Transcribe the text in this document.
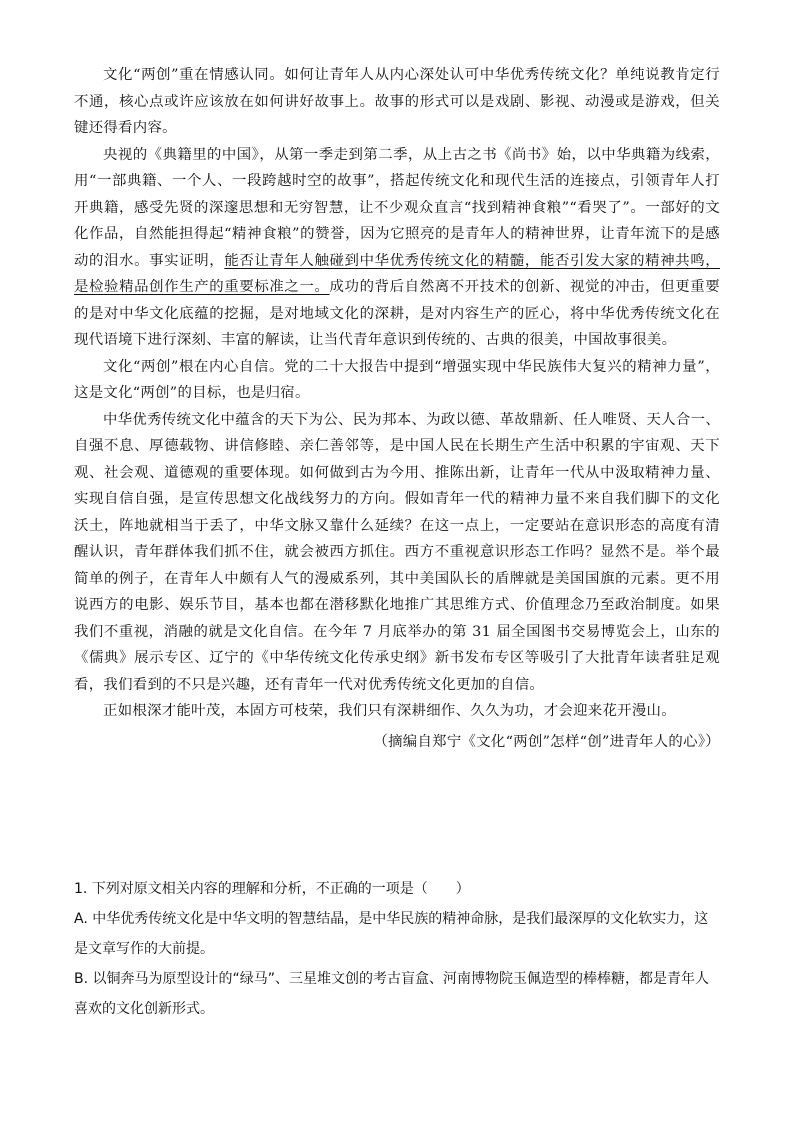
文化“两创”重在情感认同。如何让青年人从内心深处认可中华优秀传统文化？单纯说教肯定行不通，核心点或许应该放在如何讲好故事上。故事的形式可以是戏剧、影视、动漫或是游戏，但关键还得看内容。

央视的《典籍里的中国》，从第一季走到第二季，从上古之书《尚书》始，以中华典籍为线索，用“一部典籍、一个人、一段跨越时空的故事”，搭起传统文化和现代生活的连接点，引领青年人打开典籍，感受先贤的深邃思想和无穷智慧，让不少观众直言“找到精神食粮”“看哭了”。一部好的文化作品，自然能担得起“精神食粮”的赞誉，因为它照亮的是青年人的精神世界，让青年流下的是感动的泪水。事实证明，能否让青年人触碰到中华优秀传统文化的精髓，能否引发大家的精神共鸣，是检验精品创作生产的重要标准之一。成功的背后自然离不开技术的创新、视觉的冲击，但更重要的是对中华文化底蕴的挖掘，是对地域文化的深耕，是对内容生产的匠心，将中华优秀传统文化在现代语境下进行深刻、丰富的解读，让当代青年意识到传统的、古典的很美，中国故事很美。

文化“两创”根在内心自信。党的二十大报告中提到“增强实现中华民族伟大复兴的精神力量”，这是文化“两创”的目标，也是归宿。

中华优秀传统文化中蕴含的天下为公、民为邦本、为政以德、革故鼎新、任人唯贤、天人合一、自强不息、厚德载物、讲信修睦、亲仁善邻等，是中国人民在长期生产生活中积累的宇宙观、天下观、社会观、道德观的重要体现。如何做到古为今用、推陈出新，让青年一代从中汲取精神力量、实现自信自强，是宣传思想文化战线努力的方向。假如青年一代的精神力量不来自我们脚下的文化沃土，阵地就相当于丢了，中华文脉又靠什么延续？在这一点上，一定要站在意识形态的高度有清醒认识，青年群体我们抓不住，就会被西方抓住。西方不重视意识形态工作吗？显然不是。举个最简单的例子，在青年人中颇有人气的漫威系列，其中美国队长的盾牌就是美国国旗的元素。更不用说西方的电影、娱乐节目，基本也都在潜移默化地推广其思维方式、价值理念乃至政治制度。如果我们不重视，消融的就是文化自信。在今年 7 月底举办的第 31 届全国图书交易博览会上，山东的《儒典》展示专区、辽宁的《中华传统文化传承史纲》新书发布专区等吸引了大批青年读者驻足观看，我们看到的不只是兴趣，还有青年一代对优秀传统文化更加的自信。

正如根深才能叶茂，本固方可枝荣，我们只有深耕细作、久久为功，才会迎来花开漫山。

（摘编自郑宁《文化“两创”怎样“创”进青年人的心》）

1. 下列对原文相关内容的理解和分析，不正确的一项是（　　）

A. 中华优秀传统文化是中华文明的智慧结晶，是中华民族的精神命脉，是我们最深厚的文化软实力，这是文章写作的大前提。

B. 以铜奔马为原型设计的“绿马”、三星堆文创的考古盲盒、河南博物院玉佩造型的棒棒糖，都是青年人喜欢的文化创新形式。
